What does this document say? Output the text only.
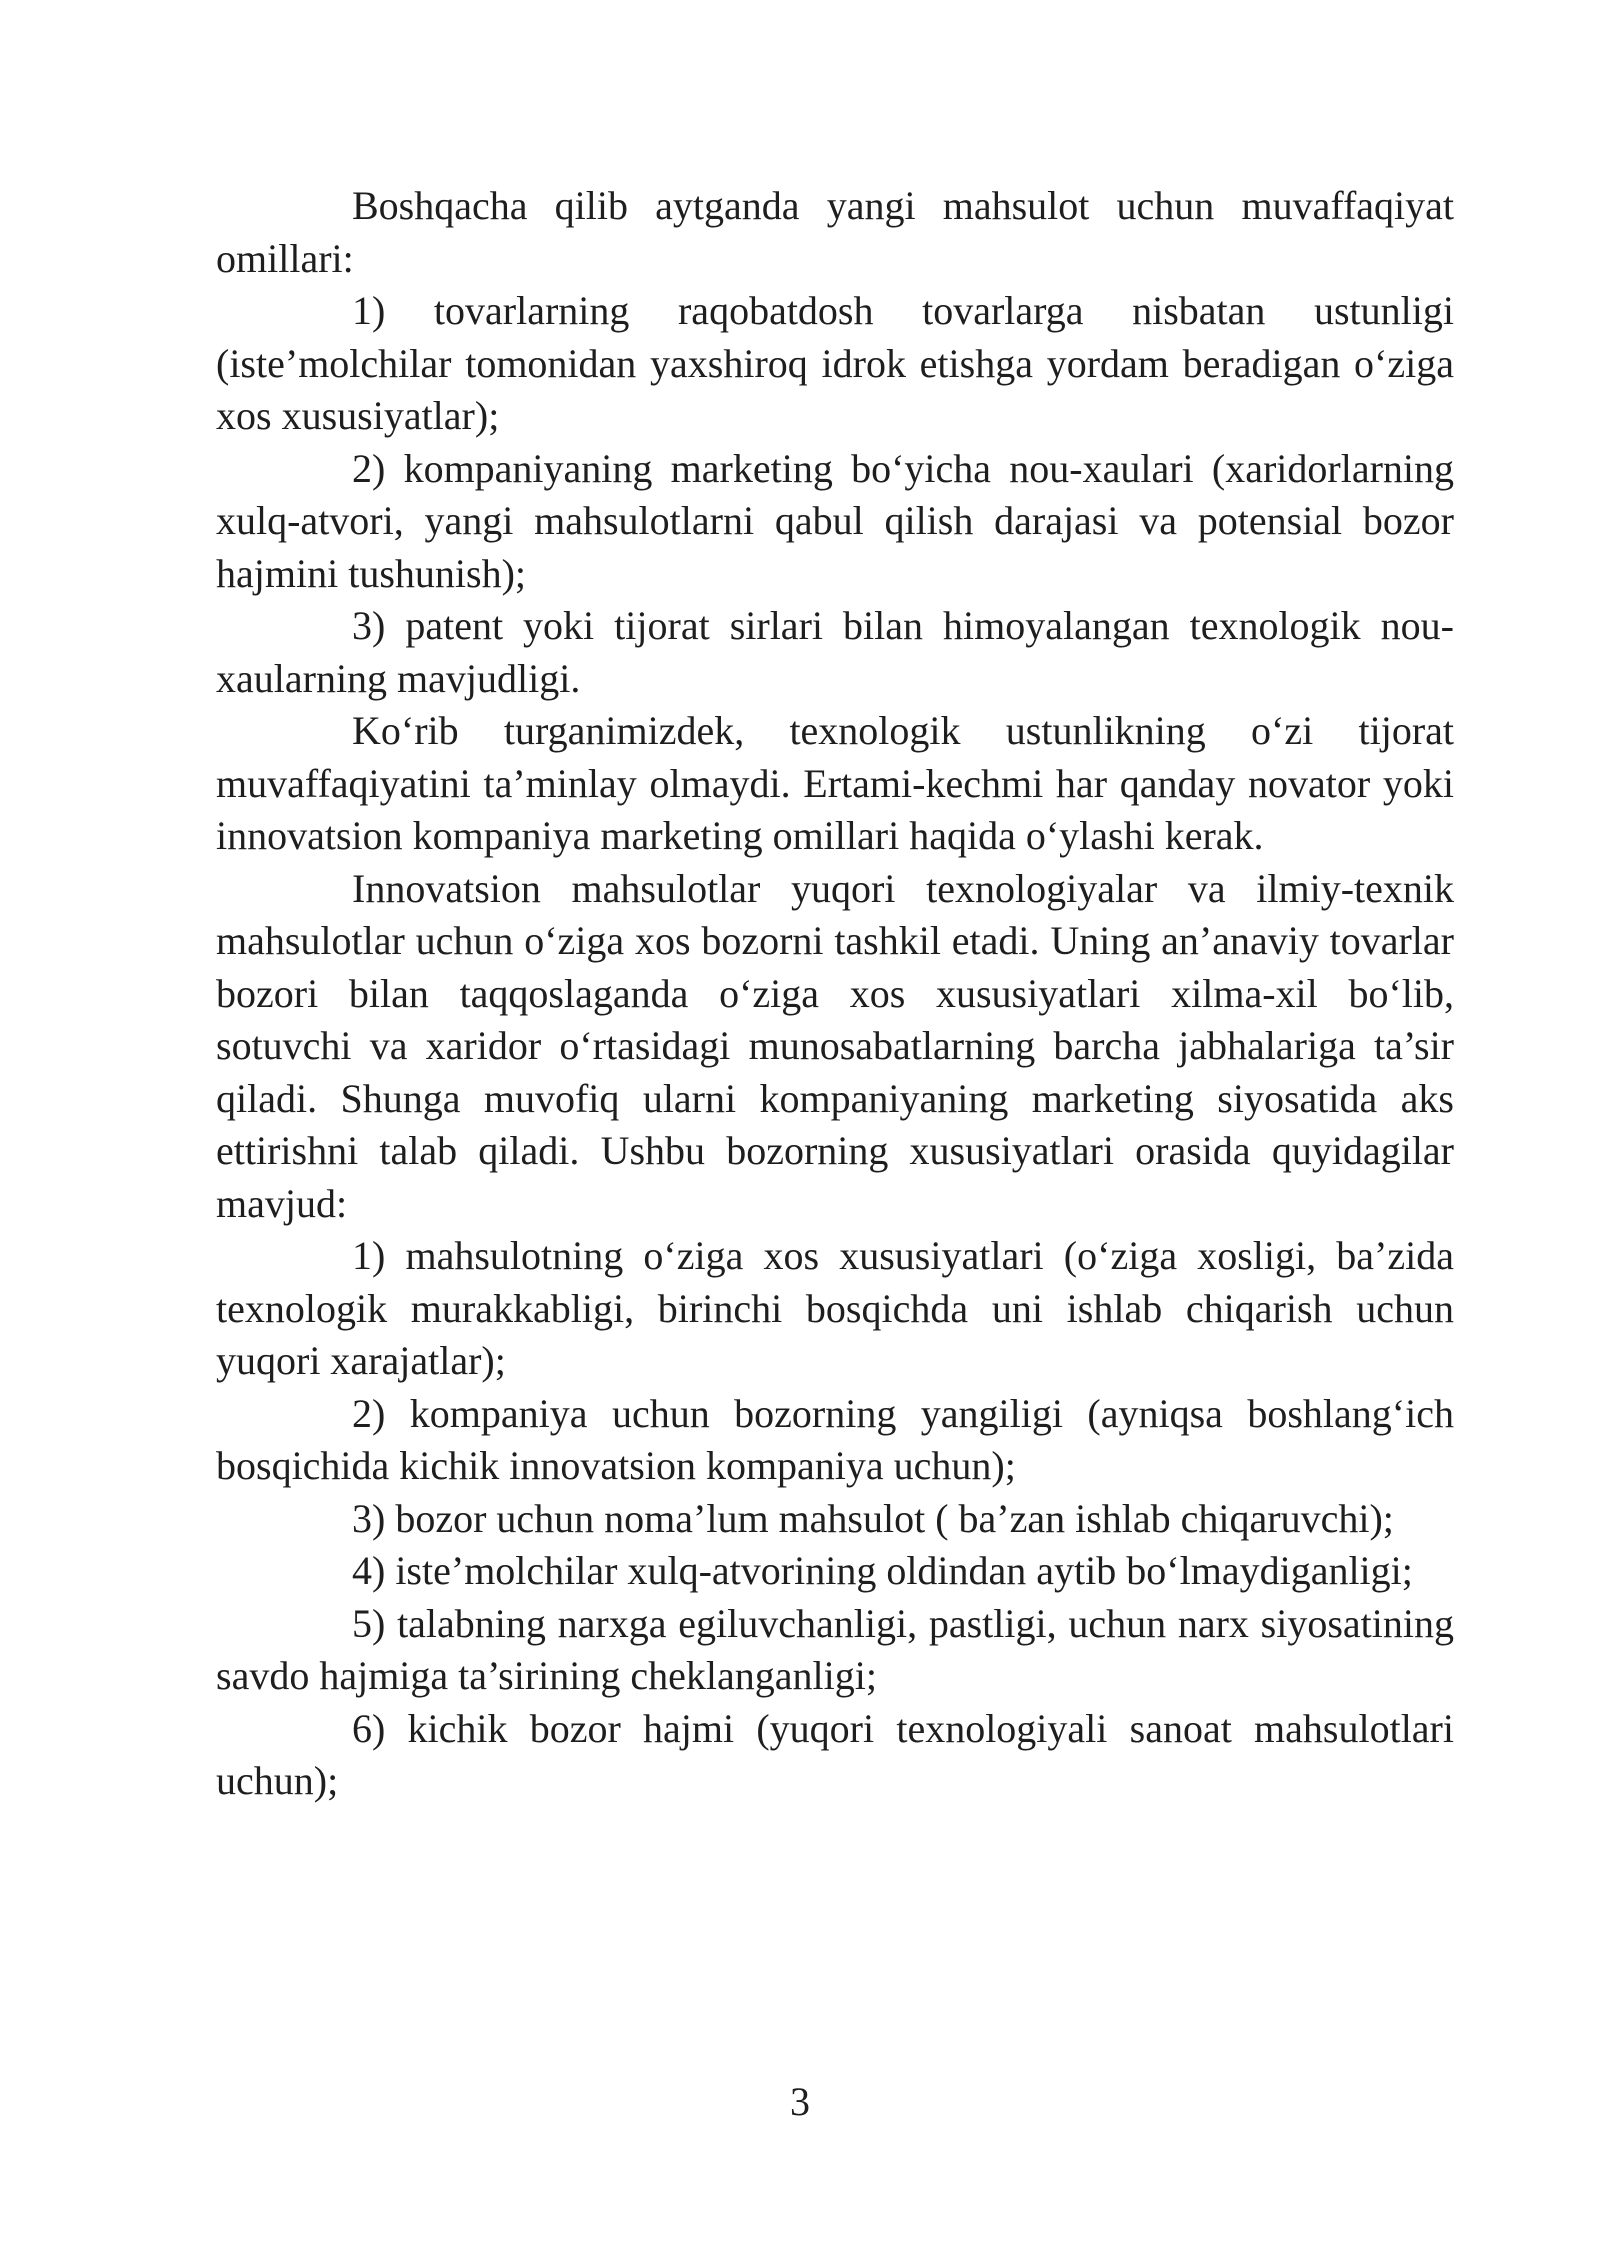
Boshqacha qilib aytganda yangi mahsulot uchun muvaffaqiyat omillari:

1) tovarlarning raqobatdosh tovarlarga nisbatan ustunligi (iste’molchilar tomonidan yaxshiroq idrok etishga yordam beradigan o‘ziga xos xususiyatlar);

2) kompaniyaning marketing bo‘yicha nou-xaulari (xaridorlarning xulq-atvori, yangi mahsulotlarni qabul qilish darajasi va potensial bozor hajmini tushunish);

3) patent yoki tijorat sirlari bilan himoyalangan texnologik nou-xaularning mavjudligi.

Ko‘rib turganimizdek, texnologik ustunlikning o‘zi tijorat muvaffaqiyatini ta’minlay olmaydi. Ertami-kechmi har qanday novator yoki innovatsion kompaniya marketing omillari haqida o‘ylashi kerak.

Innovatsion mahsulotlar yuqori texnologiyalar va ilmiy-texnik mahsulotlar uchun o‘ziga xos bozorni tashkil etadi. Uning an’anaviy tovarlar bozori bilan taqqoslaganda o‘ziga xos xususiyatlari xilma-xil bo‘lib, sotuvchi va xaridor o‘rtasidagi munosabatlarning barcha jabhalariga ta’sir qiladi. Shunga muvofiq ularni kompaniyaning marketing siyosatida aks ettirishni talab qiladi. Ushbu bozorning xususiyatlari orasida quyidagilar mavjud:

1) mahsulotning o‘ziga xos xususiyatlari (o‘ziga xosligi, ba’zida texnologik murakkabligi, birinchi bosqichda uni ishlab chiqarish uchun yuqori xarajatlar);

2) kompaniya uchun bozorning yangiligi (ayniqsa boshlang‘ich bosqichida kichik innovatsion kompaniya uchun);

3) bozor uchun noma’lum mahsulot ( ba’zan ishlab chiqaruvchi);

4) iste’molchilar xulq-atvorining oldindan aytib bo‘lmaydiganligi;

5) talabning narxga egiluvchanligi, pastligi, uchun narx siyosatining savdo hajmiga ta’sirining cheklanganligi;

6) kichik bozor hajmi (yuqori texnologiyali sanoat mahsulotlari uchun);

3
